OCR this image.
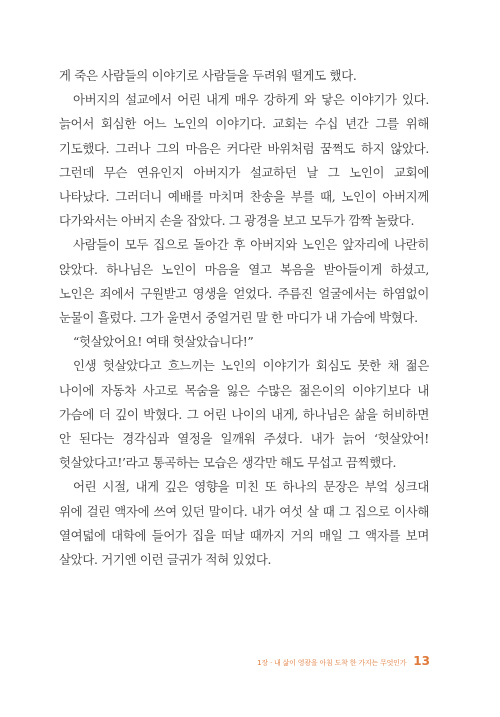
게 죽은 사람들의 이야기로 사람들을 두려워 떨게도 했다.

아버지의 설교에서 어린 내게 매우 강하게 와 닿은 이야기가 있다. 늙어서 회심한 어느 노인의 이야기다. 교회는 수십 년간 그를 위해 기도했다. 그러나 그의 마음은 커다란 바위처럼 꿈쩍도 하지 않았다. 그런데 무슨 연유인지 아버지가 설교하던 날 그 노인이 교회에 나타났다. 그러더니 예배를 마치며 찬송을 부를 때, 노인이 아버지께 다가와서는 아버지 손을 잡았다. 그 광경을 보고 모두가 깜짝 놀랐다.

사람들이 모두 집으로 돌아간 후 아버지와 노인은 앞자리에 나란히 앉았다. 하나님은 노인이 마음을 열고 복음을 받아들이게 하셨고, 노인은 죄에서 구원받고 영생을 얻었다. 주름진 얼굴에서는 하염없이 눈물이 흘렀다. 그가 울면서 중얼거린 말 한 마디가 내 가슴에 박혔다.

“헛살았어요! 여태 헛살았습니다!”

인생 헛살았다고 흐느끼는 노인의 이야기가 회심도 못한 채 젊은 나이에 자동차 사고로 목숨을 잃은 수많은 젊은이의 이야기보다 내 가슴에 더 깊이 박혔다. 그 어린 나이의 내게, 하나님은 삶을 허비하면 안 된다는 경각심과 열정을 일깨워 주셨다. 내가 늙어 ‘헛살았어! 헛살았다고!’라고 통곡하는 모습은 생각만 해도 무섭고 끔찍했다.

어린 시절, 내게 깊은 영향을 미친 또 하나의 문장은 부엌 싱크대 위에 걸린 액자에 쓰여 있던 말이다. 내가 여섯 살 때 그 집으로 이사해 열여덟에 대학에 들어가 집을 떠날 때까지 거의 매일 그 액자를 보며 살았다. 거기엔 이런 글귀가 적혀 있었다.

1장 · 내 삶이 영광을 아침 도착 한 가지는 무엇인가 13
